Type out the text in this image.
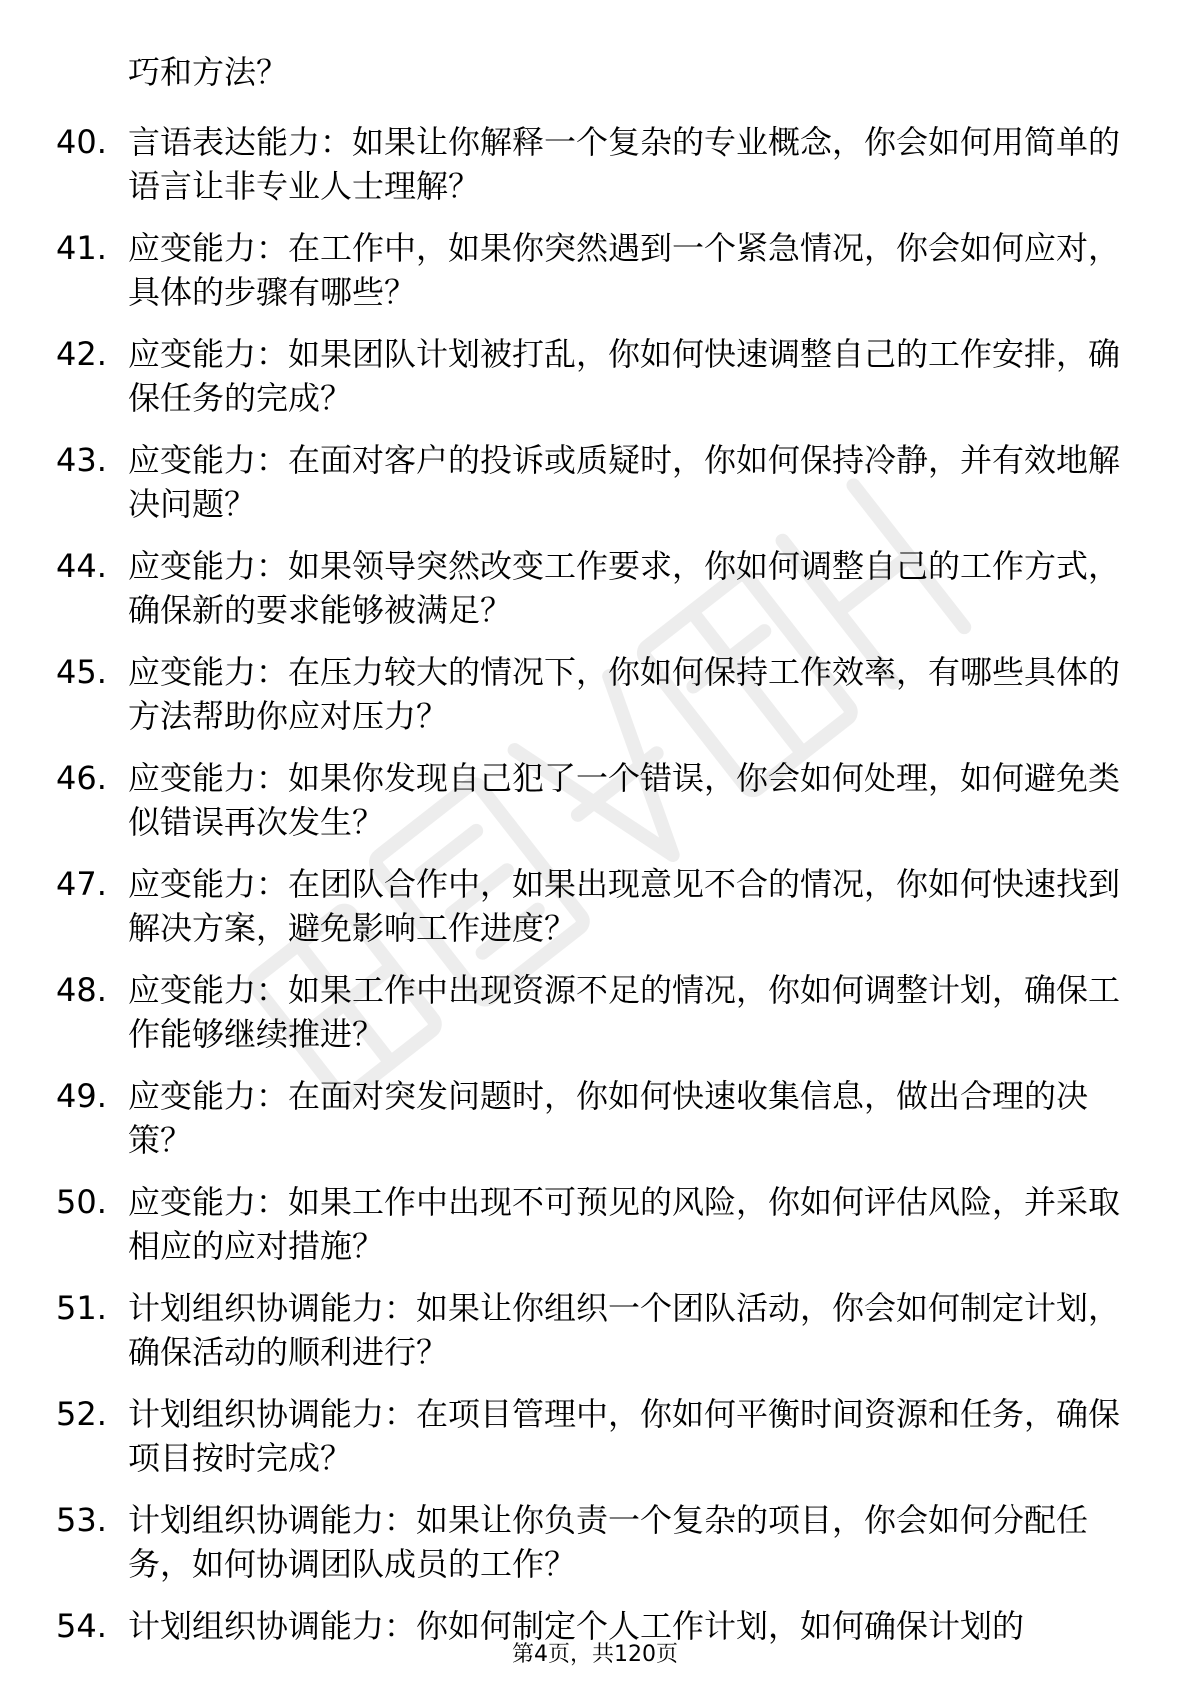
巧和方法？
40. 言语表达能力：如果让你解释一个复杂的专业概念，你会如何用简单的语言让非专业人士理解？
41. 应变能力：在工作中，如果你突然遇到一个紧急情况，你会如何应对，具体的步骤有哪些？
42. 应变能力：如果团队计划被打乱，你如何快速调整自己的工作安排，确保任务的完成？
43. 应变能力：在面对客户的投诉或质疑时，你如何保持冷静，并有效地解决问题？
44. 应变能力：如果领导突然改变工作要求，你如何调整自己的工作方式，确保新的要求能够被满足？
45. 应变能力：在压力较大的情况下，你如何保持工作效率，有哪些具体的方法帮助你应对压力？
46. 应变能力：如果你发现自己犯了一个错误，你会如何处理，如何避免类似错误再次发生？
47. 应变能力：在团队合作中，如果出现意见不合的情况，你如何快速找到解决方案，避免影响工作进度？
48. 应变能力：如果工作中出现资源不足的情况，你如何调整计划，确保工作能够继续推进？
49. 应变能力：在面对突发问题时，你如何快速收集信息，做出合理的决策？
50. 应变能力：如果工作中出现不可预见的风险，你如何评估风险，并采取相应的应对措施？
51. 计划组织协调能力：如果让你组织一个团队活动，你会如何制定计划，确保活动的顺利进行？
52. 计划组织协调能力：在项目管理中，你如何平衡时间资源和任务，确保项目按时完成？
53. 计划组织协调能力：如果让你负责一个复杂的项目，你会如何分配任务，如何协调团队成员的工作？
54. 计划组织协调能力：你如何制定个人工作计划，如何确保计划的
第4页，共120页
